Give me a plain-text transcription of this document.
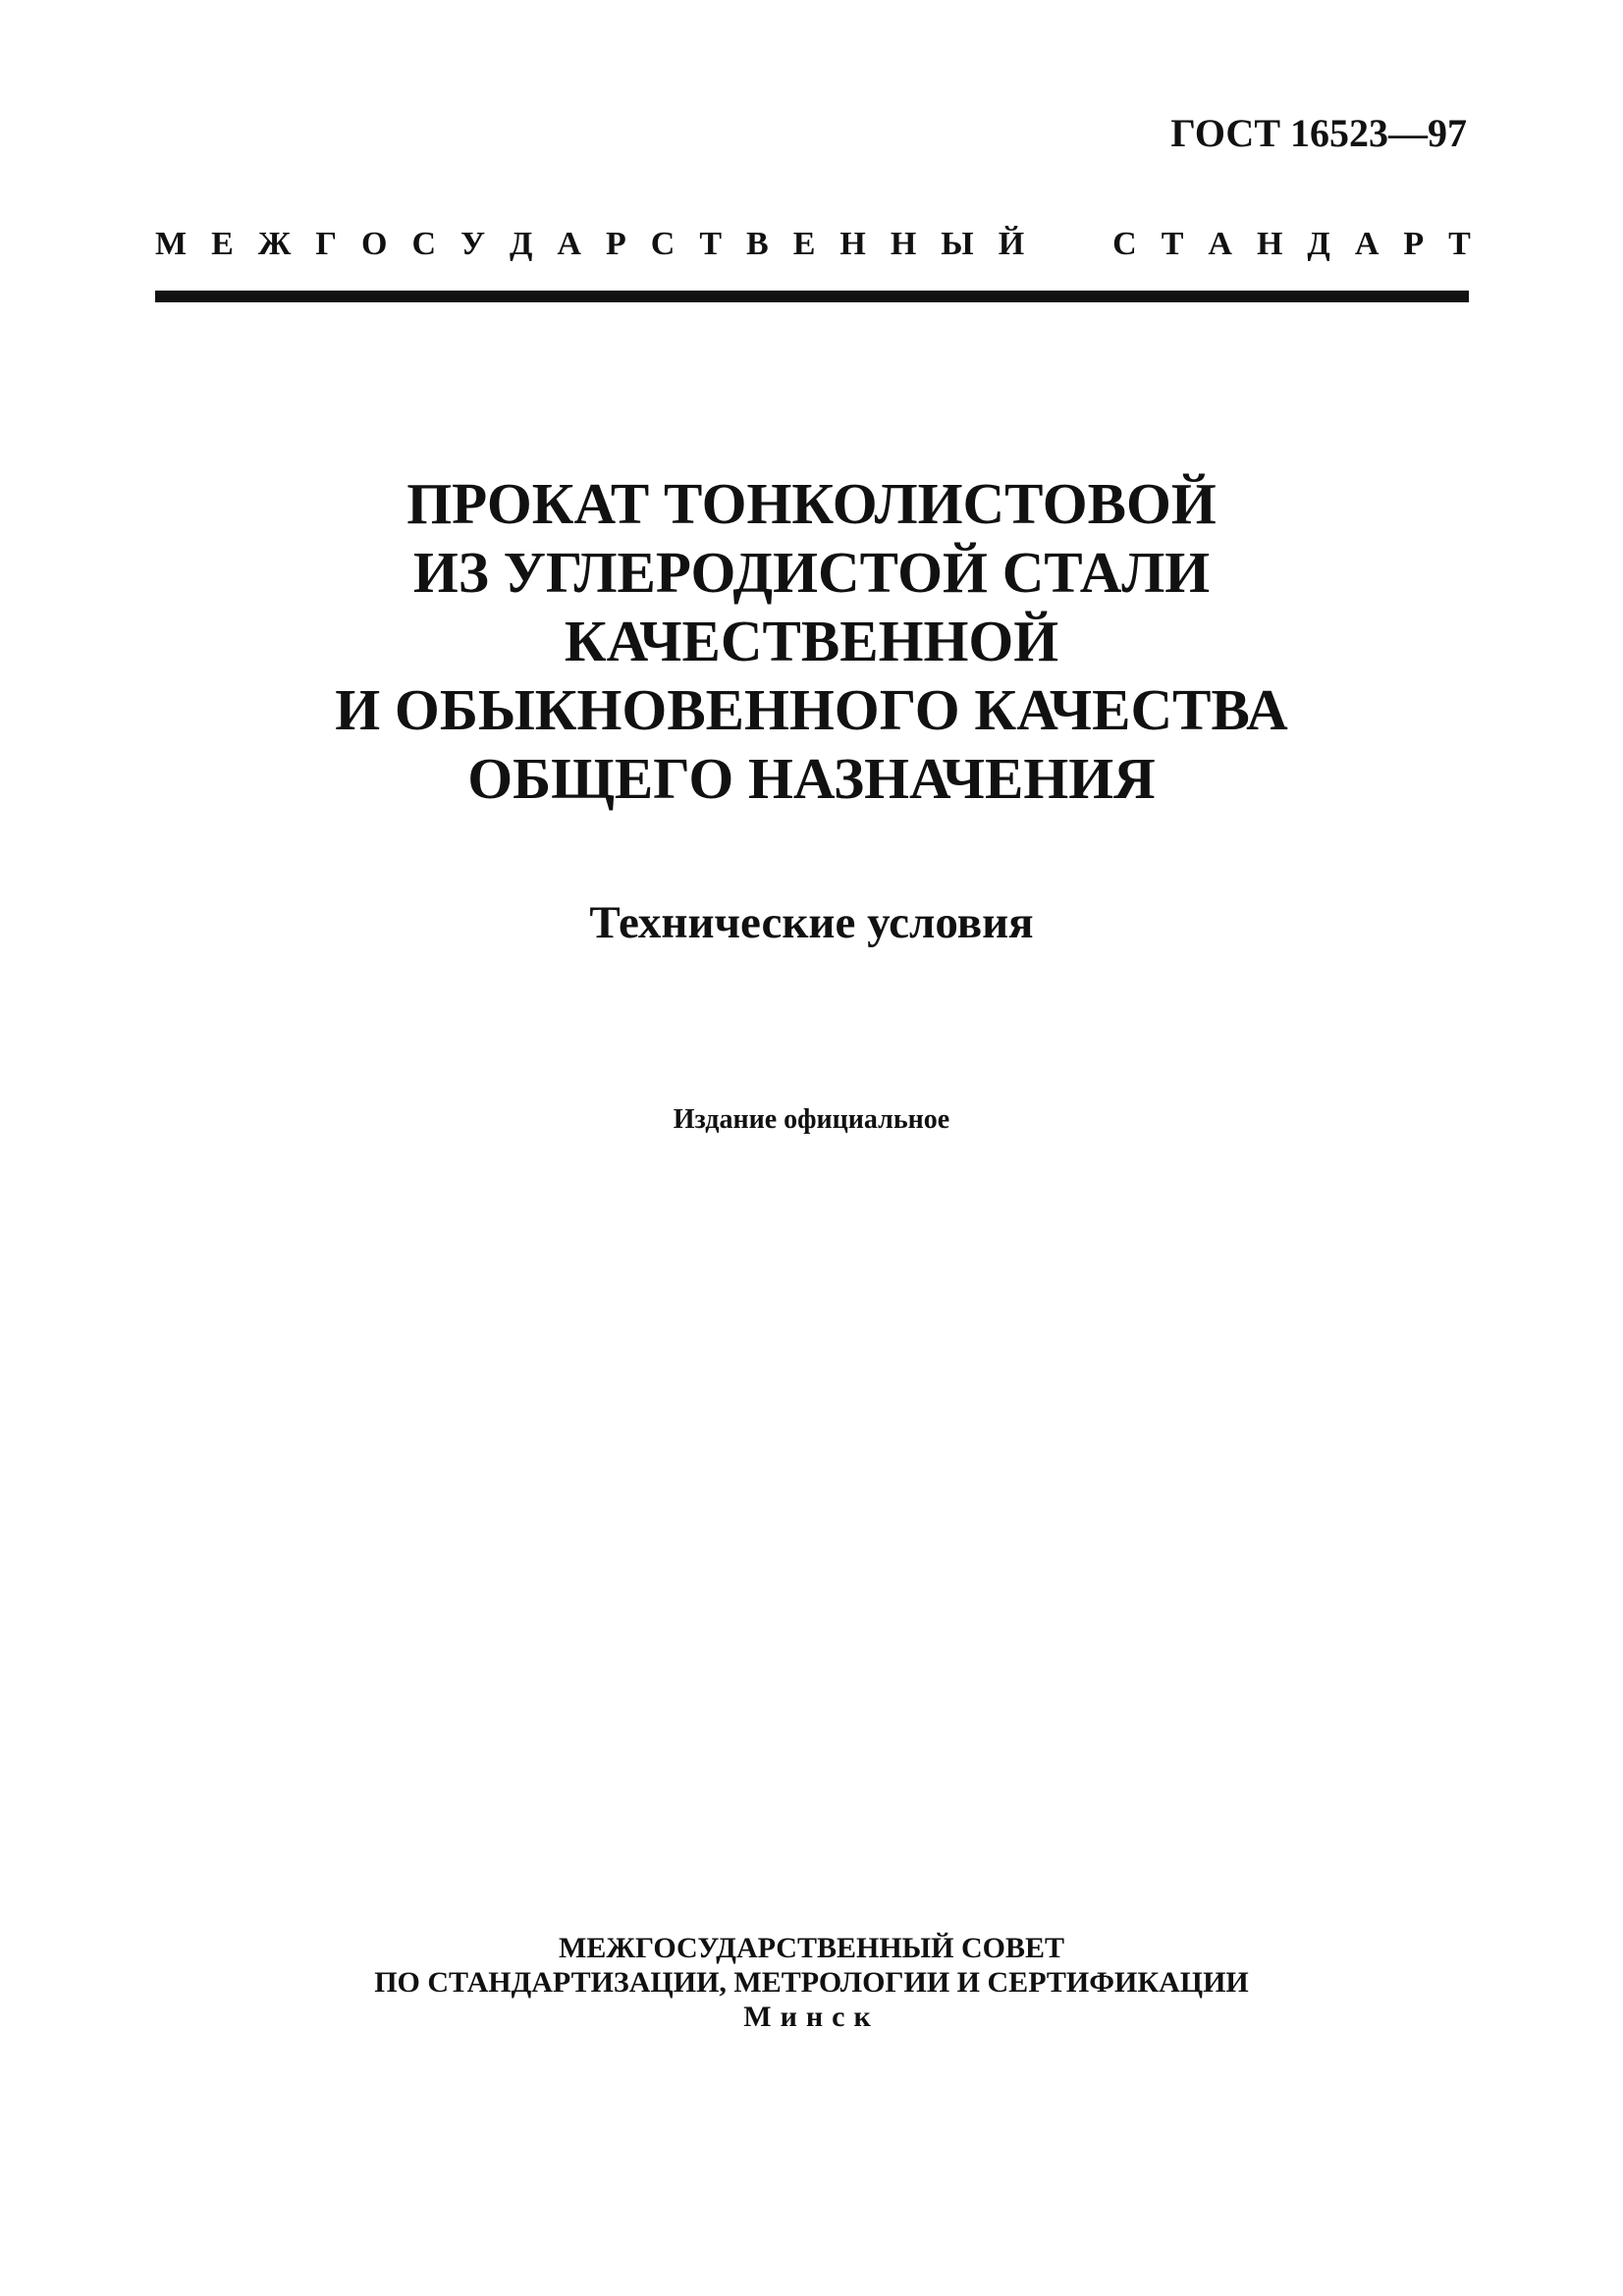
ГОСТ 16523—97
М Е Ж Г О С У Д А Р С Т В Е Н Н Ы Й	С Т А Н Д А Р Т
ПРОКАТ ТОНКОЛИСТОВОЙ
ИЗ УГЛЕРОДИСТОЙ СТАЛИ
КАЧЕСТВЕННОЙ
И ОБЫКНОВЕННОГО КАЧЕСТВА
ОБЩЕГО НАЗНАЧЕНИЯ
Технические условия
Издание официальное
МЕЖГОСУДАРСТВЕННЫЙ СОВЕТ
ПО СТАНДАРТИЗАЦИИ, МЕТРОЛОГИИ И СЕРТИФИКАЦИИ
Минск
